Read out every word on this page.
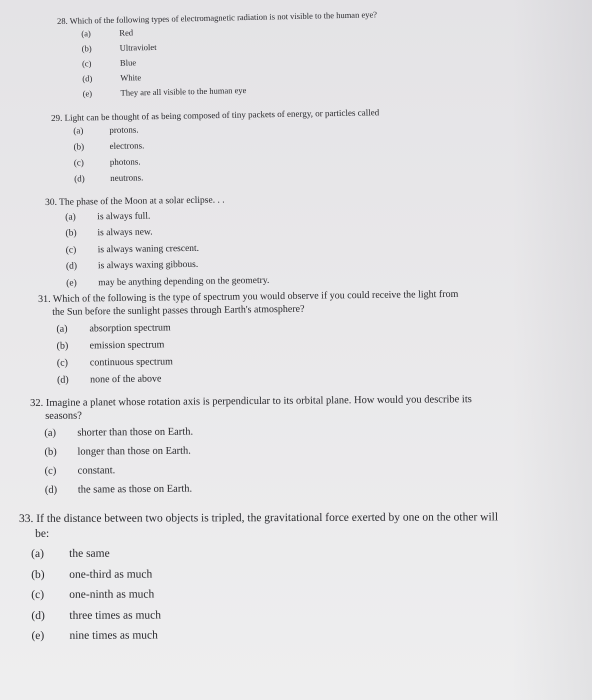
28. Which of the following types of electromagnetic radiation is not visible to the human eye?
(a)	Red
(b)	Ultraviolet
(c)	Blue
(d)	White
(e)	They are all visible to the human eye
29. Light can be thought of as being composed of tiny packets of energy, or particles called
(a)	protons.
(b)	electrons.
(c)	photons.
(d)	neutrons.
30. The phase of the Moon at a solar eclipse. . .
(a)	is always full.
(b)	is always new.
(c)	is always waning crescent.
(d)	is always waxing gibbous.
(e)	may be anything depending on the geometry.
31. Which of the following is the type of spectrum you would observe if you could receive the light from
the Sun before the sunlight passes through Earth's atmosphere?
(a)	absorption spectrum
(b)	emission spectrum
(c)	continuous spectrum
(d)	none of the above
32. Imagine a planet whose rotation axis is perpendicular to its orbital plane. How would you describe its
seasons?
(a)	shorter than those on Earth.
(b)	longer than those on Earth.
(c)	constant.
(d)	the same as those on Earth.
33. If the distance between two objects is tripled, the gravitational force exerted by one on the other will
be:
(a)	the same
(b)	one-third as much
(c)	one-ninth as much
(d)	three times as much
(e)	nine times as much
